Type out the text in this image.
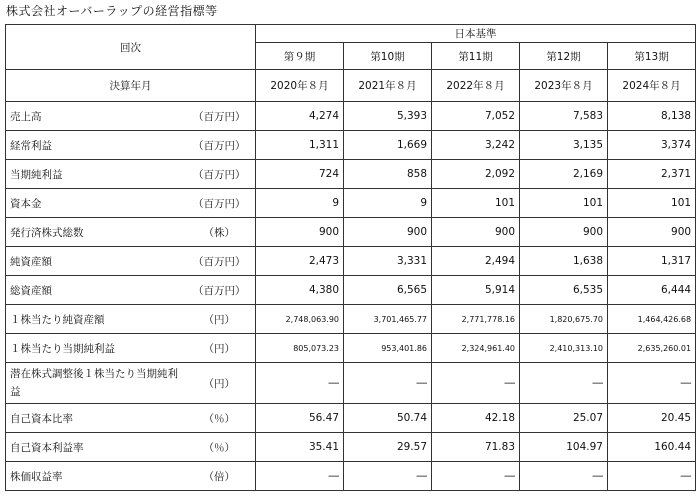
株式会社オーバーラップの経営指標等
回次		日本基準				
		第９期	第10期	第11期	第12期	第13期
決算年月		2020年８月	2021年８月	2022年８月	2023年８月	2024年８月
売上高	（百万円）	4,274	5,393	7,052	7,583	8,138
経常利益	（百万円）	1,311	1,669	3,242	3,135	3,374
当期純利益	（百万円）	724	858	2,092	2,169	2,371
資本金	（百万円）	9	9	101	101	101
発行済株式総数	（株）	900	900	900	900	900
純資産額	（百万円）	2,473	3,331	2,494	1,638	1,317
総資産額	（百万円）	4,380	6,565	5,914	6,535	6,444
１株当たり純資産額	（円）	2,748,063.90	3,701,465.77	2,771,778.16	1,820,675.70	1,464,426.68
１株当たり当期純利益	（円）	805,073.23	953,401.86	2,324,961.40	2,410,313.10	2,635,260.01
潜在株式調整後１株当たり当期純利益	（円）	―	―	―	―	―
自己資本比率	（％）	56.47	50.74	42.18	25.07	20.45
自己資本利益率	（％）	35.41	29.57	71.83	104.97	160.44
株価収益率	（倍）	―	―	―	―	―
